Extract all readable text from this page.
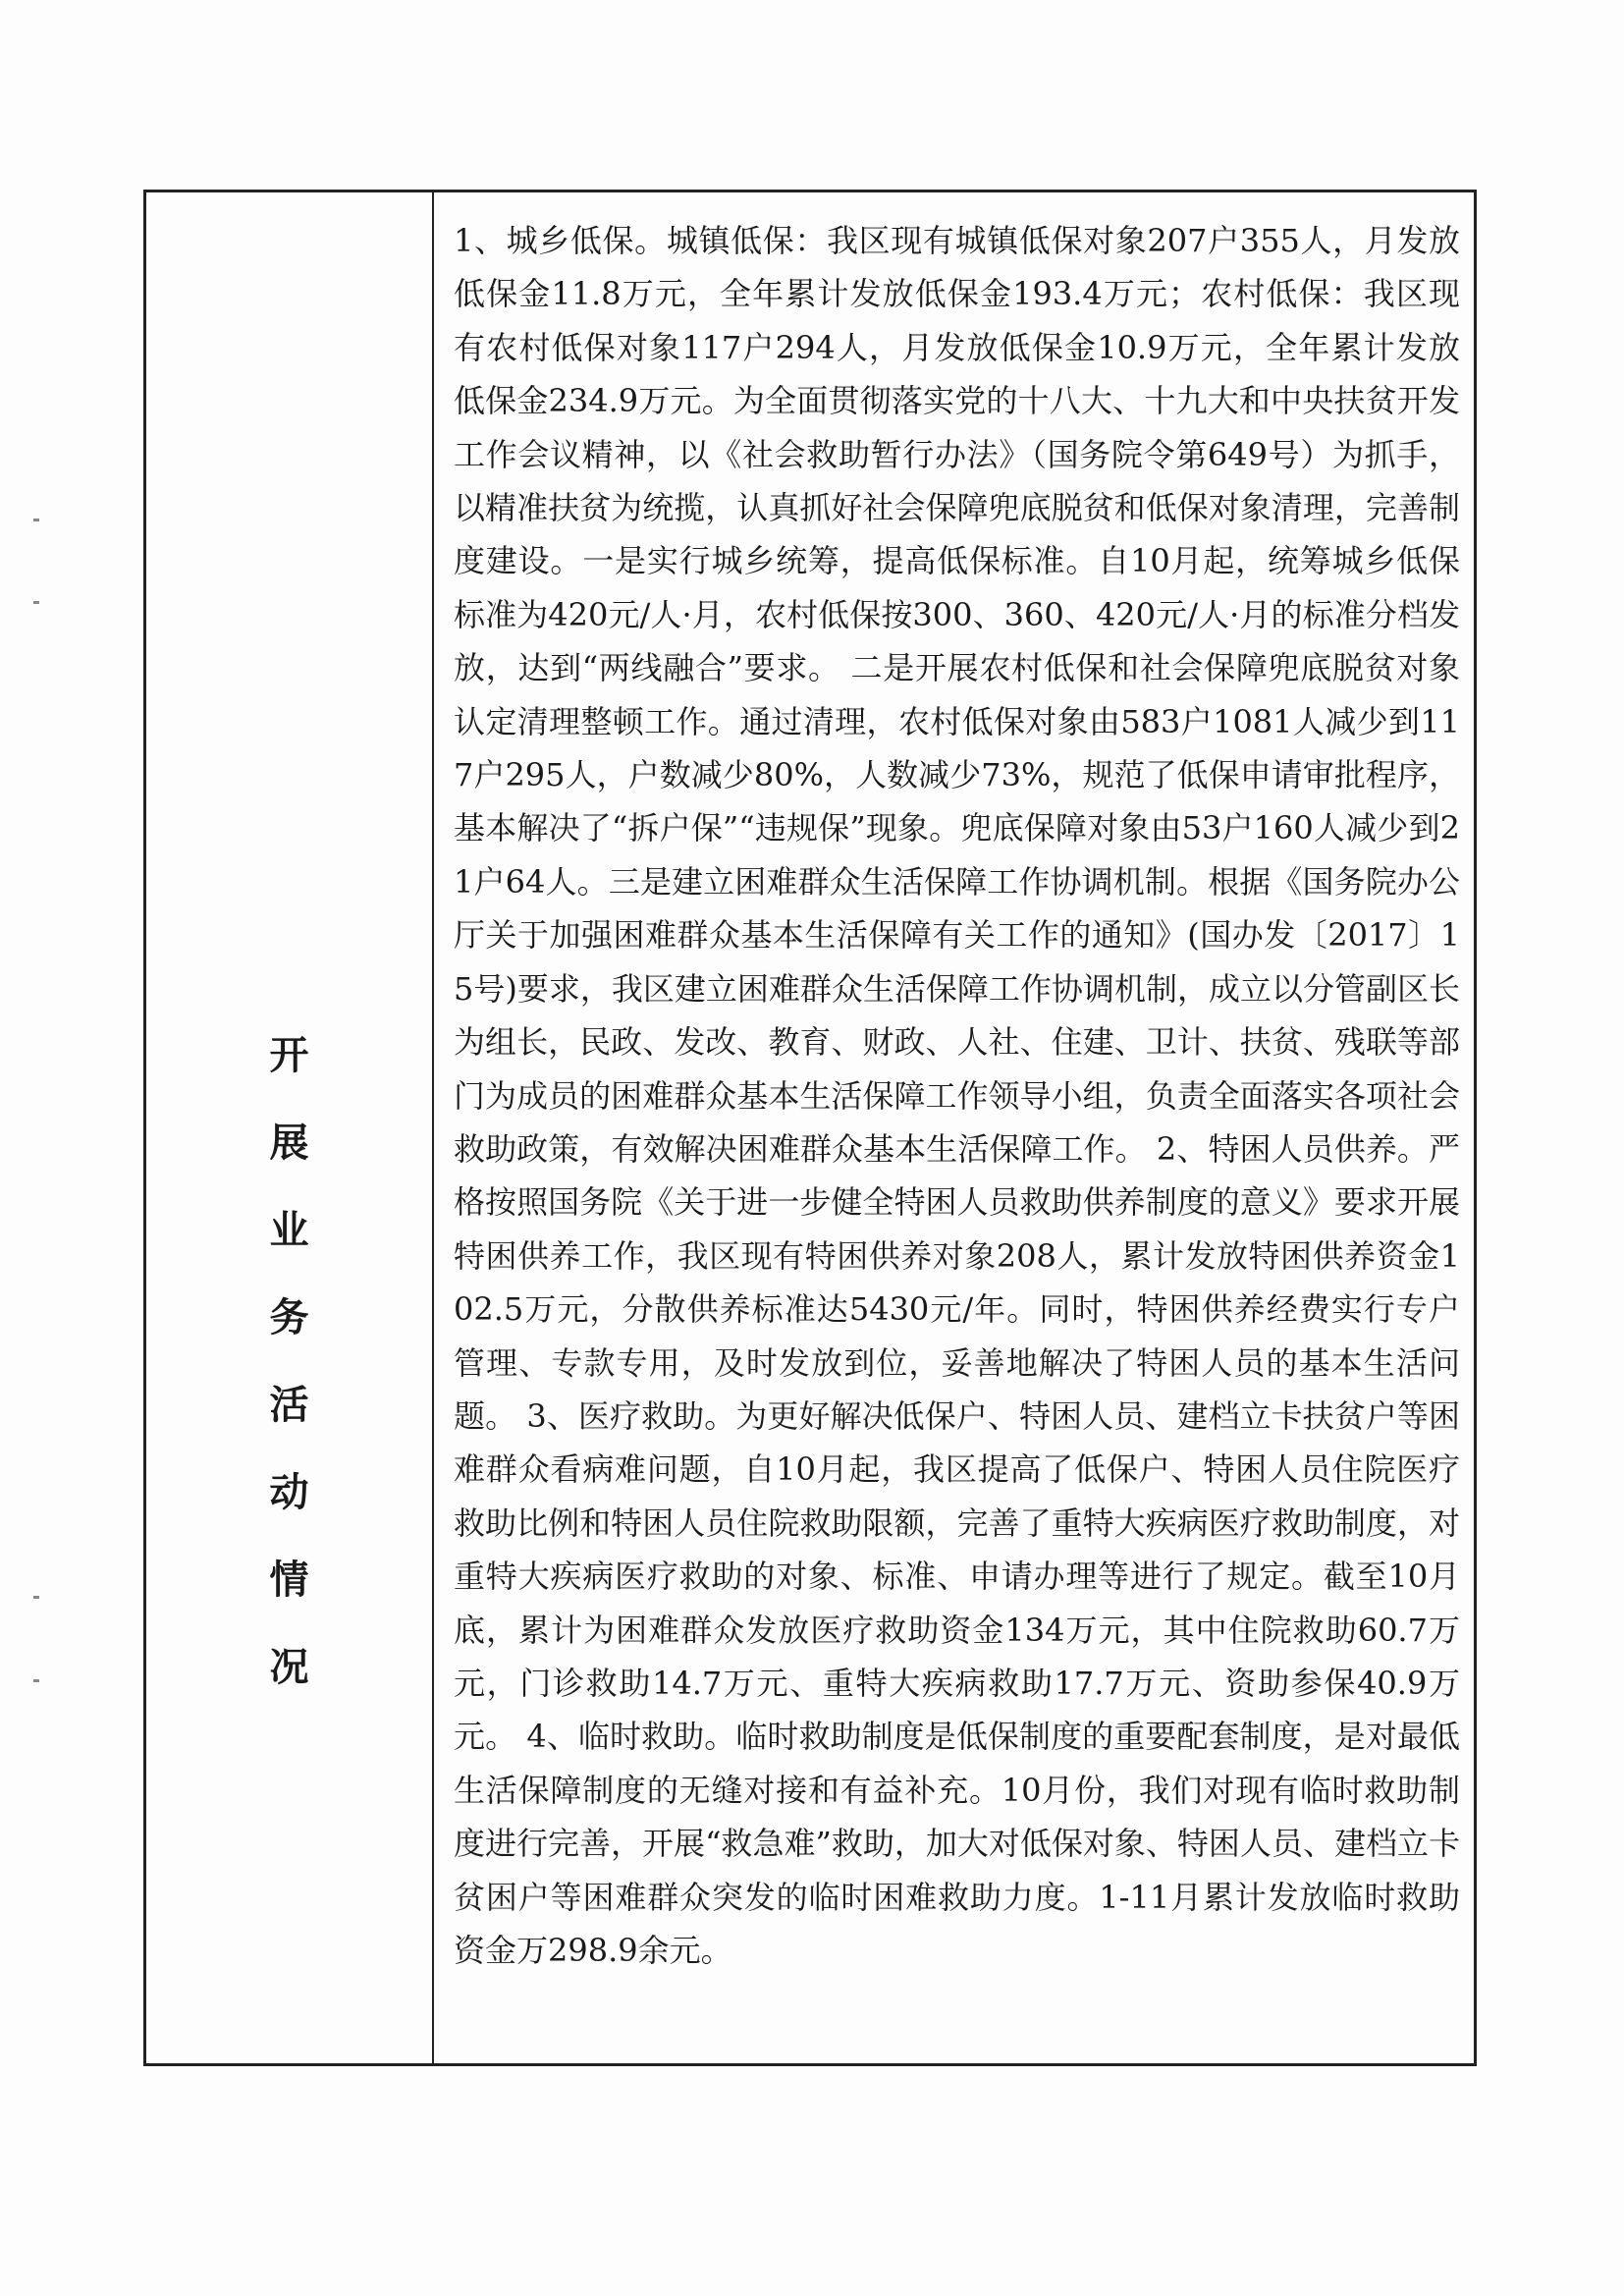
开
展
业
务
活
动
情
况

1、城乡低保。城镇低保：我区现有城镇低保对象207户355人，月发放低保金11.8万元，全年累计发放低保金193.4万元；农村低保：我区现有农村低保对象117户294人，月发放低保金10.9万元，全年累计发放低保金234.9万元。为全面贯彻落实党的十八大、十九大和中央扶贫开发工作会议精神，以《社会救助暂行办法》（国务院令第649号）为抓手，以精准扶贫为统揽，认真抓好社会保障兜底脱贫和低保对象清理，完善制度建设。一是实行城乡统筹，提高低保标准。自10月起，统筹城乡低保标准为420元/人·月，农村低保按300、360、420元/人·月的标准分档发放，达到“两线融合”要求。 二是开展农村低保和社会保障兜底脱贫对象认定清理整顿工作。通过清理，农村低保对象由583户1081人减少到117户295人，户数减少80%，人数减少73%，规范了低保申请审批程序，基本解决了“拆户保”“违规保”现象。兜底保障对象由53户160人减少到21户64人。三是建立困难群众生活保障工作协调机制。根据《国务院办公厅关于加强困难群众基本生活保障有关工作的通知》(国办发〔2017〕15号)要求，我区建立困难群众生活保障工作协调机制，成立以分管副区长为组长，民政、发改、教育、财政、人社、住建、卫计、扶贫、残联等部门为成员的困难群众基本生活保障工作领导小组，负责全面落实各项社会救助政策，有效解决困难群众基本生活保障工作。 2、特困人员供养。严格按照国务院《关于进一步健全特困人员救助供养制度的意义》要求开展特困供养工作，我区现有特困供养对象208人，累计发放特困供养资金102.5万元，分散供养标准达5430元/年。同时，特困供养经费实行专户管理、专款专用，及时发放到位，妥善地解决了特困人员的基本生活问题。 3、医疗救助。为更好解决低保户、特困人员、建档立卡扶贫户等困难群众看病难问题，自10月起，我区提高了低保户、特困人员住院医疗救助比例和特困人员住院救助限额，完善了重特大疾病医疗救助制度，对重特大疾病医疗救助的对象、标准、申请办理等进行了规定。截至10月底，累计为困难群众发放医疗救助资金134万元，其中住院救助60.7万元，门诊救助14.7万元、重特大疾病救助17.7万元、资助参保40.9万元。 4、临时救助。临时救助制度是低保制度的重要配套制度，是对最低生活保障制度的无缝对接和有益补充。10月份，我们对现有临时救助制度进行完善，开展“救急难”救助，加大对低保对象、特困人员、建档立卡贫困户等困难群众突发的临时困难救助力度。1-11月累计发放临时救助资金万298.9余元。
